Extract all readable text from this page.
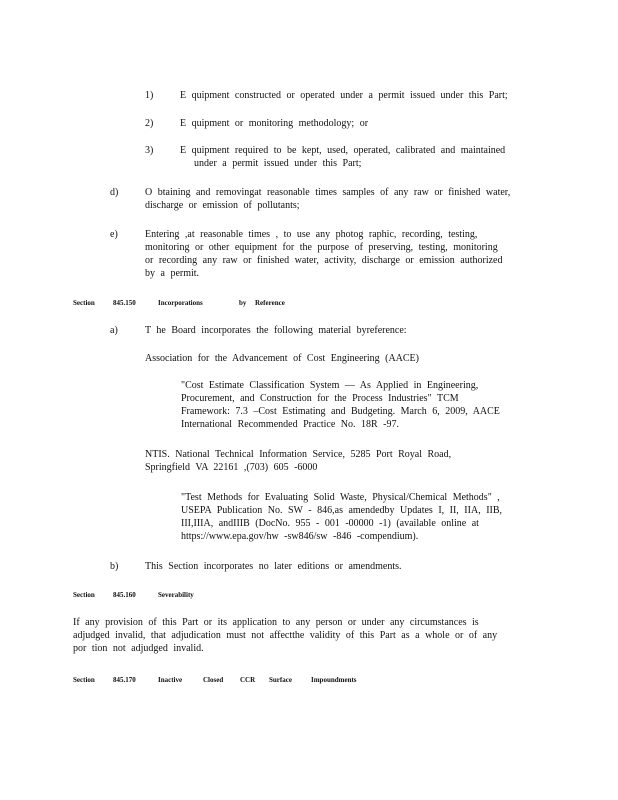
1)	E quipment constructed or operated under a permit issued under this Part;
2)	E quipment or monitoring methodology; or
3)	E quipment required to be kept, used, operated, calibrated and maintained
under a permit issued under this Part;
d)	O btaining and removingat reasonable times samples of any raw or finished water,
discharge or emission of pollutants;
e)	Entering ,at reasonable times , to use any photog raphic, recording, testing,
monitoring or other equipment for the purpose of preserving, testing, monitoring
or recording any raw or finished water, activity, discharge or emission authorized
by a permit.
Section	845.150	Incorporations	by Reference
a)	T he Board incorporates the following material byreference:
Association for the Advancement of Cost Engineering (AACE)
"Cost Estimate Classification System — As Applied in Engineering,
Procurement, and Construction for the Process Industries" TCM
Framework: 7.3 –Cost Estimating and Budgeting. March 6, 2009, AACE
International Recommended Practice No. 18R -97.
NTIS. National Technical Information Service, 5285 Port Royal Road,
Springfield VA 22161 ,(703) 605 -6000
"Test Methods for Evaluating Solid Waste, Physical/Chemical Methods" ,
USEPA Publication No. SW - 846,as amendedby Updates I, II, IIA, IIB,
III,IIIA, andIIIB (DocNo. 955 - 001 -00000 -1) (available online at
https://www.epa.gov/hw -sw846/sw -846 -compendium).
b)	This Section incorporates no later editions or amendments.
Section	845.160	Severability
If any provision of this Part or its application to any person or under any circumstances is
adjudged invalid, that adjudication must not affectthe validity of this Part as a whole or of any
por tion not adjudged invalid.
Section	845.170	Inactive	Closed CCR Surface	Impoundments
